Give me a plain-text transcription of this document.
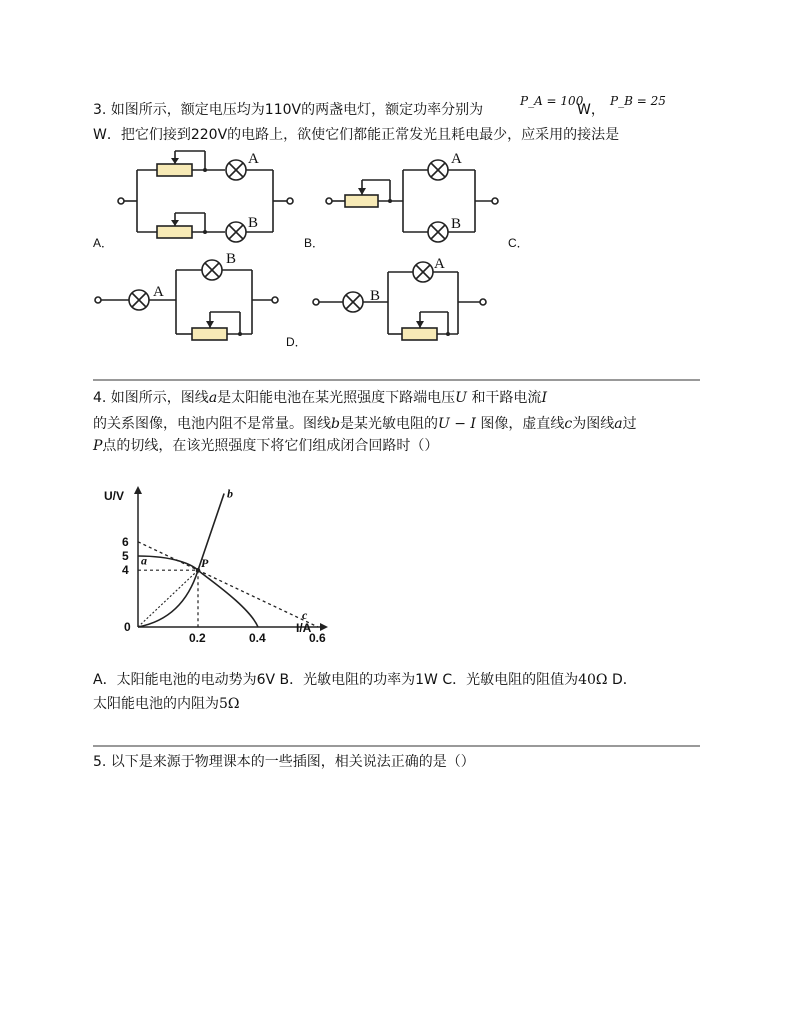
3. 如图所示，额定电压均为110V的两盏电灯，额定功率分别为
P_A = 100
W，
P_B = 25
W．把它们接到220V的电路上，欲使它们都能正常发光且耗电最少，应采用的接法是
A
B
A．
A
B
B．	C．
A
B
D．
B
A
4. 如图所示，图线a是太阳能电池在某光照强度下路端电压U 和干路电流I
的关系图像，电池内阻不是常量。图线b是某光敏电阻的U − I 图像，虚直线c为图线a过
P点的切线，在该光照强度下将它们组成闭合回路时（）
I/A
U/V
0
4
5
6
0.2	0.4	0.6
a
b
c
P
A．太阳能电池的电动势为6V B．光敏电阻的功率为1W C．光敏电阻的阻值为40Ω D．
太阳能电池的内阻为5Ω
5. 以下是来源于物理课本的一些插图，相关说法正确的是（）
